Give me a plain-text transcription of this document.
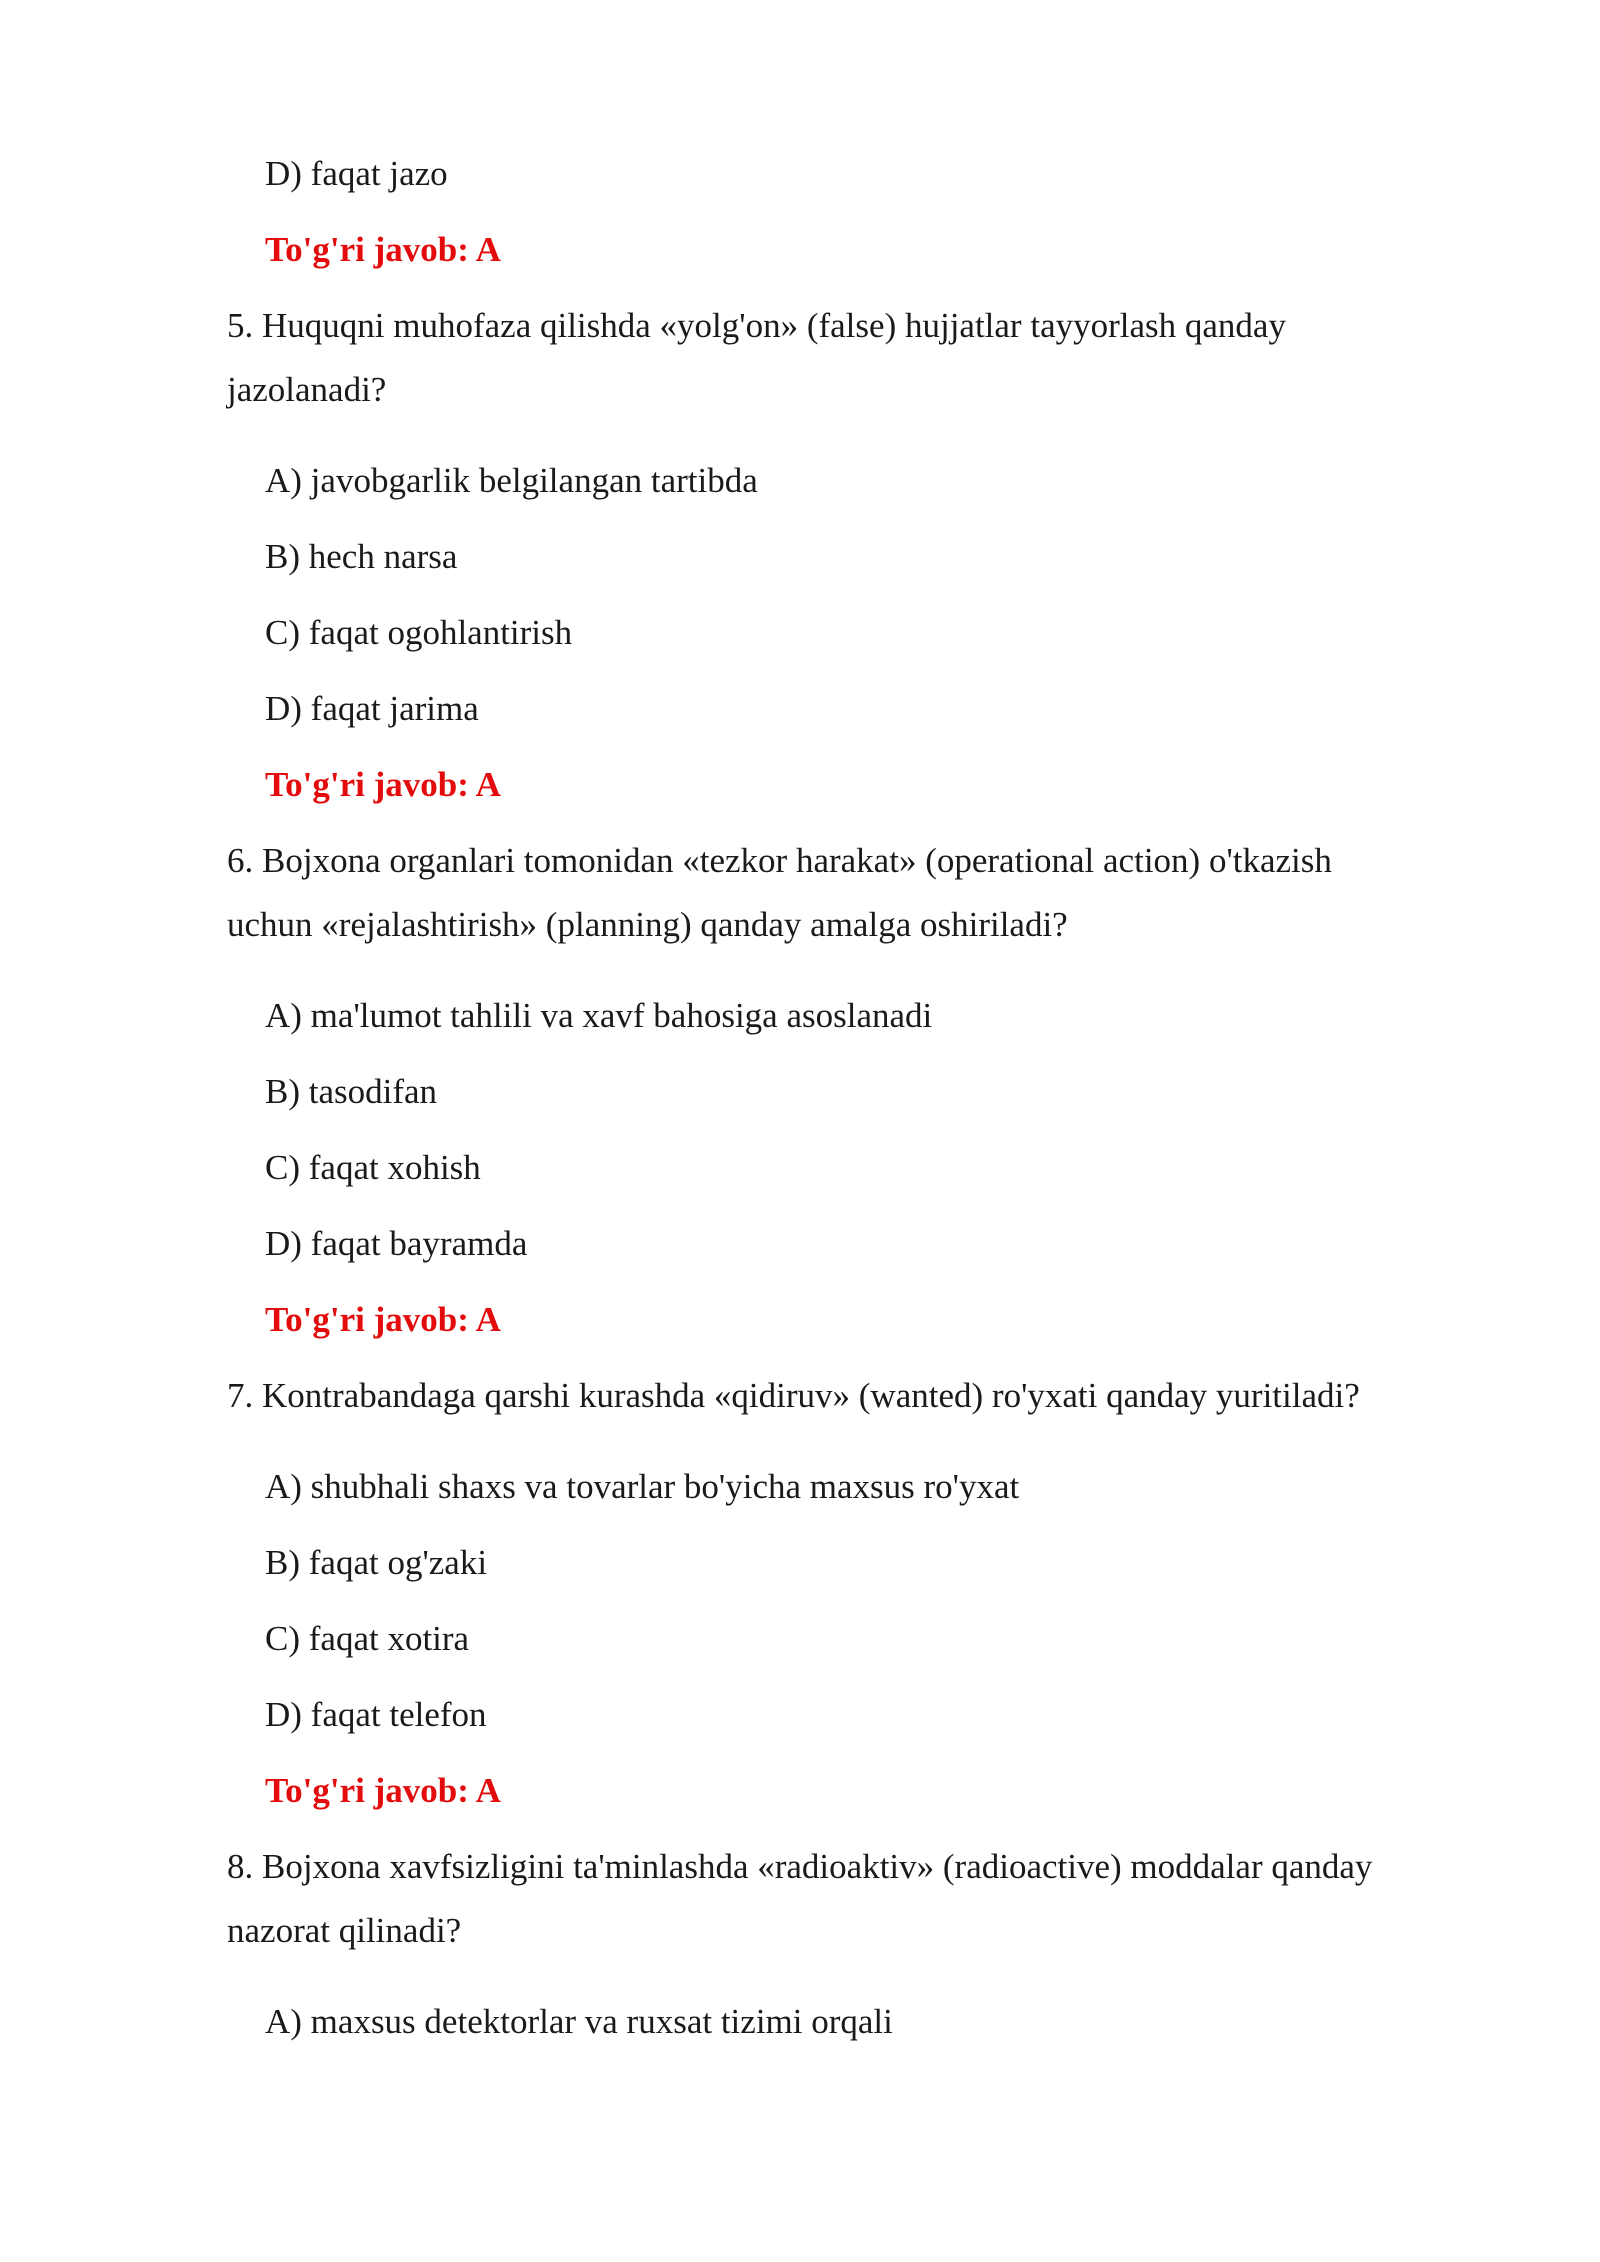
D) faqat jazo
To'g'ri javob: A
5. Huquqni muhofaza qilishda «yolg'on» (false) hujjatlar tayyorlash qanday
jazolanadi?
A) javobgarlik belgilangan tartibda
B) hech narsa
C) faqat ogohlantirish
D) faqat jarima
To'g'ri javob: A
6. Bojxona organlari tomonidan «tezkor harakat» (operational action) o'tkazish
uchun «rejalashtirish» (planning) qanday amalga oshiriladi?
A) ma'lumot tahlili va xavf bahosiga asoslanadi
B) tasodifan
C) faqat xohish
D) faqat bayramda
To'g'ri javob: A
7. Kontrabandaga qarshi kurashda «qidiruv» (wanted) ro'yxati qanday yuritiladi?
A) shubhali shaxs va tovarlar bo'yicha maxsus ro'yxat
B) faqat og'zaki
C) faqat xotira
D) faqat telefon
To'g'ri javob: A
8. Bojxona xavfsizligini ta'minlashda «radioaktiv» (radioactive) moddalar qanday
nazorat qilinadi?
A) maxsus detektorlar va ruxsat tizimi orqali
